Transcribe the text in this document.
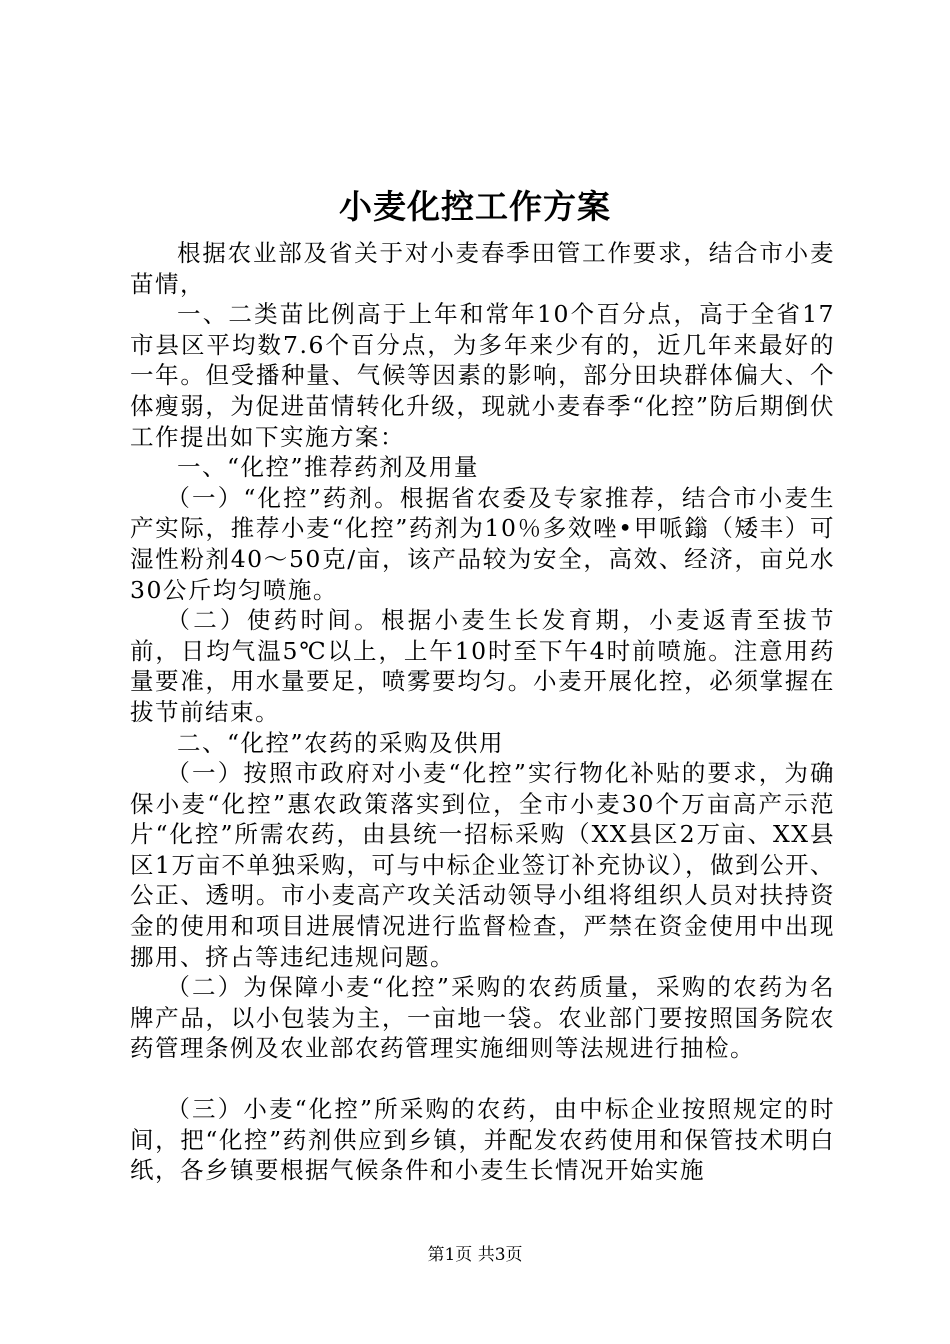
小麦化控工作方案

根据农业部及省关于对小麦春季田管工作要求，结合市小麦苗情，

一、二类苗比例高于上年和常年10个百分点，高于全省17市县区平均数7.6个百分点，为多年来少有的，近几年来最好的一年。但受播种量、气候等因素的影响，部分田块群体偏大、个体瘦弱，为促进苗情转化升级，现就小麦春季“化控”防后期倒伏工作提出如下实施方案：

一、“化控”推荐药剂及用量

（一）“化控”药剂。根据省农委及专家推荐，结合市小麦生产实际，推荐小麦“化控”药剂为10％多效唑•甲哌鎓（矮丰）可湿性粉剂40～50克/亩，该产品较为安全，高效、经济，亩兑水30公斤均匀喷施。

（二）使药时间。根据小麦生长发育期，小麦返青至拔节前，日均气温5℃以上，上午10时至下午4时前喷施。注意用药量要准，用水量要足，喷雾要均匀。小麦开展化控，必须掌握在拔节前结束。

二、“化控”农药的采购及供用

（一）按照市政府对小麦“化控”实行物化补贴的要求，为确保小麦“化控”惠农政策落实到位，全市小麦30个万亩高产示范片“化控”所需农药，由县统一招标采购（XX县区2万亩、XX县区1万亩不单独采购，可与中标企业签订补充协议），做到公开、公正、透明。市小麦高产攻关活动领导小组将组织人员对扶持资金的使用和项目进展情况进行监督检查，严禁在资金使用中出现挪用、挤占等违纪违规问题。

（二）为保障小麦“化控”采购的农药质量，采购的农药为名牌产品，以小包装为主，一亩地一袋。农业部门要按照国务院农药管理条例及农业部农药管理实施细则等法规进行抽检。

（三）小麦“化控”所采购的农药，由中标企业按照规定的时间，把“化控”药剂供应到乡镇，并配发农药使用和保管技术明白纸，各乡镇要根据气候条件和小麦生长情况开始实施

第1页 共3页
